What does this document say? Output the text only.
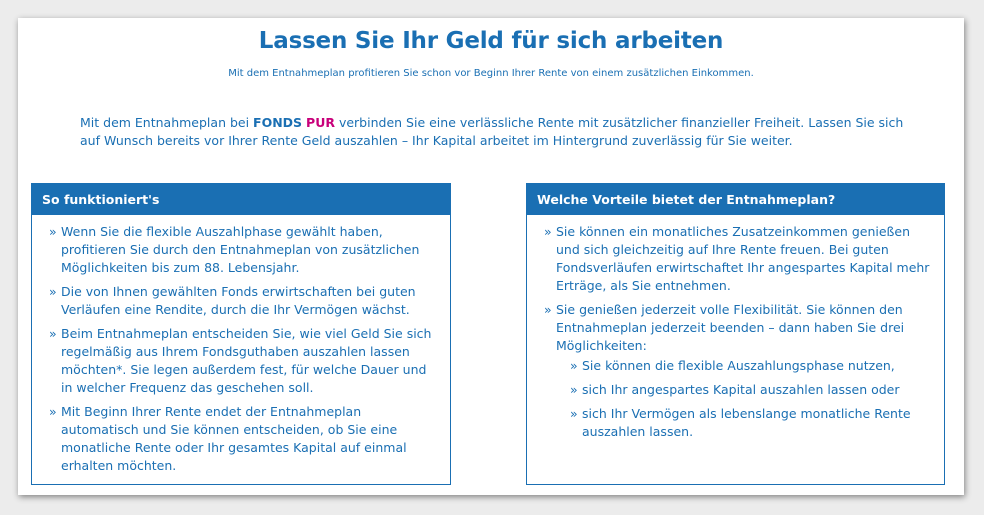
Lassen Sie Ihr Geld für sich arbeiten

Mit dem Entnahmeplan profitieren Sie schon vor Beginn Ihrer Rente von einem zusätzlichen Einkommen.

Mit dem Entnahmeplan bei FONDS PUR verbinden Sie eine verlässliche Rente mit zusätzlicher finanzieller Freiheit. Lassen Sie sich auf Wunsch bereits vor Ihrer Rente Geld auszahlen – Ihr Kapital arbeitet im Hintergrund zuverlässig für Sie weiter.

So funktioniert's
» Wenn Sie die flexible Auszahlphase gewählt haben, profitieren Sie durch den Entnahmeplan von zusätzlichen Möglichkeiten bis zum 88. Lebensjahr.
» Die von Ihnen gewählten Fonds erwirtschaften bei guten Verläufen eine Rendite, durch die Ihr Vermögen wächst.
» Beim Entnahmeplan entscheiden Sie, wie viel Geld Sie sich regelmäßig aus Ihrem Fondsguthaben auszahlen lassen möchten*. Sie legen außerdem fest, für welche Dauer und in welcher Frequenz das geschehen soll.
» Mit Beginn Ihrer Rente endet der Entnahmeplan automatisch und Sie können entscheiden, ob Sie eine monatliche Rente oder Ihr gesamtes Kapital auf einmal erhalten möchten.
Welche Vorteile bietet der Entnahmeplan?
» Sie können ein monatliches Zusatzeinkommen genießen und sich gleichzeitig auf Ihre Rente freuen. Bei guten Fondsverläufen erwirtschaftet Ihr angespartes Kapital mehr Erträge, als Sie entnehmen.
» Sie genießen jederzeit volle Flexibilität. Sie können den Entnahmeplan jederzeit beenden – dann haben Sie drei Möglichkeiten:
» Sie können die flexible Auszahlungsphase nutzen,
» sich Ihr angespartes Kapital auszahlen lassen oder
» sich Ihr Vermögen als lebenslange monatliche Rente auszahlen lassen.
